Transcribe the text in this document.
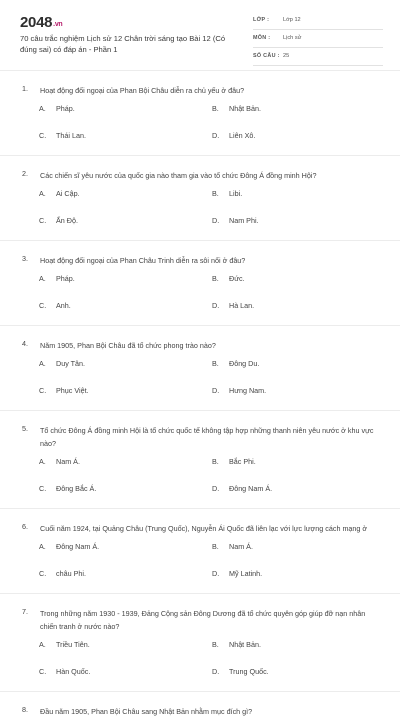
2048.vn
70 câu trắc nghiệm Lịch sử 12 Chân trời sáng tạo Bài 12 (Có đúng sai) có đáp án - Phần 1
LỚP : Lớp 12
MÔN : Lịch sử
SỐ CÂU : 25
1. Hoạt động đối ngoại của Phan Bội Châu diễn ra chủ yếu ở đâu?
A. Pháp.	B. Nhật Bản.
C. Thái Lan.	D. Liên Xô.
2. Các chiến sĩ yêu nước của quốc gia nào tham gia vào tổ chức Đông Á đồng minh Hội?
A. Ai Cập.	B. Libi.
C. Ấn Độ.	D. Nam Phi.
3. Hoạt động đối ngoại của Phan Châu Trinh diễn ra sôi nổi ở đâu?
A. Pháp.	B. Đức.
C. Anh.	D. Hà Lan.
4. Năm 1905, Phan Bội Châu đã tổ chức phong trào nào?
A. Duy Tân.	B. Đông Du.
C. Phục Việt.	D. Hưng Nam.
5. Tổ chức Đông Á đồng minh Hội là tổ chức quốc tế không tập hợp những thanh niên yêu nước ở khu vực nào?
A. Nam Á.	B. Bắc Phi.
C. Đông Bắc Á.	D. Đông Nam Á.
6. Cuối năm 1924, tại Quảng Châu (Trung Quốc), Nguyễn Ái Quốc đã liên lạc với lực lượng cách mạng ở
A. Đông Nam Á.	B. Nam Á.
C. châu Phi.	D. Mỹ Latinh.
7. Trong những năm 1930 - 1939, Đảng Cộng sản Đông Dương đã tổ chức quyên góp giúp đỡ nạn nhân chiến tranh ở nước nào?
A. Triều Tiên.	B. Nhật Bản.
C. Hàn Quốc.	D. Trung Quốc.
8. Đầu năm 1905, Phan Bội Châu sang Nhật Bản nhằm mục đích gì?
